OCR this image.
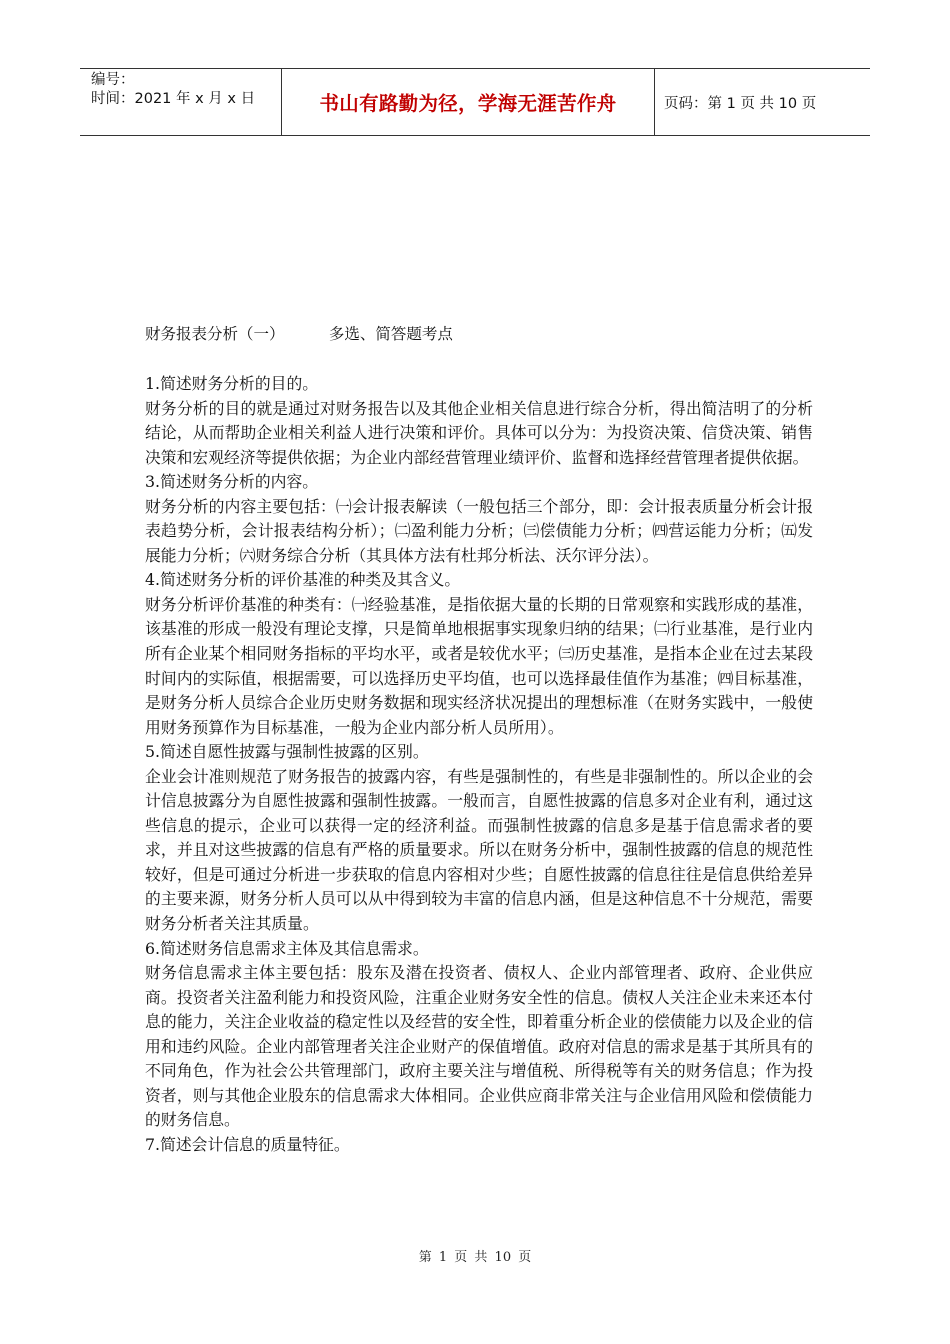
编号：
时间：2021 年 x 月 x 日	书山有路勤为径，学海无涯苦作舟	页码：第 1 页 共 10 页
财务报表分析（一）         多选、简答题考点

1.简述财务分析的目的。

财务分析的目的就是通过对财务报告以及其他企业相关信息进行综合分析，得出简洁明了的分析结论，从而帮助企业相关利益人进行决策和评价。具体可以分为：为投资决策、信贷决策、销售决策和宏观经济等提供依据；为企业内部经营管理业绩评价、监督和选择经营管理者提供依据。

3.简述财务分析的内容。

财务分析的内容主要包括：㈠会计报表解读（一般包括三个部分，即：会计报表质量分析会计报表趋势分析，会计报表结构分析）；㈡盈利能力分析；㈢偿债能力分析；㈣营运能力分析；㈤发展能力分析；㈥财务综合分析（其具体方法有杜邦分析法、沃尔评分法）。

4.简述财务分析的评价基准的种类及其含义。

财务分析评价基准的种类有：㈠经验基准，是指依据大量的长期的日常观察和实践形成的基准，该基准的形成一般没有理论支撑，只是简单地根据事实现象归纳的结果；㈡行业基准，是行业内所有企业某个相同财务指标的平均水平，或者是较优水平；㈢历史基准，是指本企业在过去某段时间内的实际值，根据需要，可以选择历史平均值，也可以选择最佳值作为基准；㈣目标基准，是财务分析人员综合企业历史财务数据和现实经济状况提出的理想标准（在财务实践中，一般使用财务预算作为目标基准，一般为企业内部分析人员所用）。

5.简述自愿性披露与强制性披露的区别。

企业会计准则规范了财务报告的披露内容，有些是强制性的，有些是非强制性的。所以企业的会计信息披露分为自愿性披露和强制性披露。一般而言，自愿性披露的信息多对企业有利，通过这些信息的提示，企业可以获得一定的经济利益。而强制性披露的信息多是基于信息需求者的要求，并且对这些披露的信息有严格的质量要求。所以在财务分析中，强制性披露的信息的规范性较好，但是可通过分析进一步获取的信息内容相对少些；自愿性披露的信息往往是信息供给差异的主要来源，财务分析人员可以从中得到较为丰富的信息内涵，但是这种信息不十分规范，需要财务分析者关注其质量。

6.简述财务信息需求主体及其信息需求。

财务信息需求主体主要包括：股东及潜在投资者、债权人、企业内部管理者、政府、企业供应商。投资者关注盈利能力和投资风险，注重企业财务安全性的信息。债权人关注企业未来还本付息的能力，关注企业收益的稳定性以及经营的安全性，即着重分析企业的偿债能力以及企业的信用和违约风险。企业内部管理者关注企业财产的保值增值。政府对信息的需求是基于其所具有的不同角色，作为社会公共管理部门，政府主要关注与增值税、所得税等有关的财务信息；作为投资者，则与其他企业股东的信息需求大体相同。企业供应商非常关注与企业信用风险和偿债能力的财务信息。

7.简述会计信息的质量特征。

第 1 页 共 10 页
